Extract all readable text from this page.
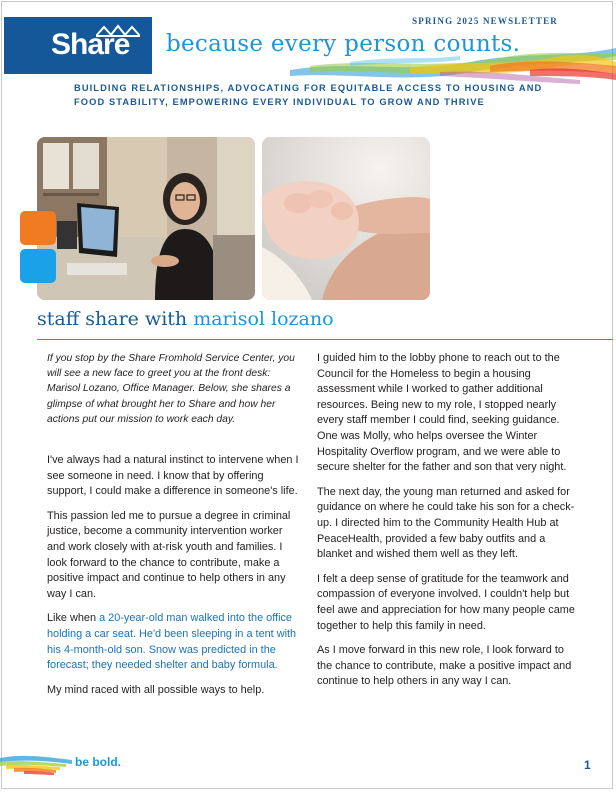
Share
SPRING 2025 NEWSLETTER
because every person counts.
BUILDING RELATIONSHIPS, ADVOCATING FOR EQUITABLE ACCESS TO HOUSING AND FOOD STABILITY, EMPOWERING EVERY INDIVIDUAL TO GROW AND THRIVE
staff share with marisol lozano

If you stop by the Share Fromhold Service Center, you will see a new face to greet you at the front desk: Marisol Lozano, Office Manager. Below, she shares a glimpse of what brought her to Share and how her actions put our mission to work each day.

I've always had a natural instinct to intervene when I see someone in need. I know that by offering support, I could make a difference in someone's life.

This passion led me to pursue a degree in criminal justice, become a community intervention worker and work closely with at-risk youth and families. I look forward to the chance to contribute, make a positive impact and continue to help others in any way I can.

Like when a 20-year-old man walked into the office holding a car seat. He'd been sleeping in a tent with his 4-month-old son. Snow was predicted in the forecast; they needed shelter and baby formula.

My mind raced with all possible ways to help.

I guided him to the lobby phone to reach out to the Council for the Homeless to begin a housing assessment while I worked to gather additional resources. Being new to my role, I stopped nearly every staff member I could find, seeking guidance. One was Molly, who helps oversee the Winter Hospitality Overflow program, and we were able to secure shelter for the father and son that very night.

The next day, the young man returned and asked for guidance on where he could take his son for a check-up. I directed him to the Community Health Hub at PeaceHealth, provided a few baby outfits and a blanket and wished them well as they left.

I felt a deep sense of gratitude for the teamwork and compassion of everyone involved. I couldn't help but feel awe and appreciation for how many people came together to help this family in need.

As I move forward in this new role, I look forward to the chance to contribute, make a positive impact and continue to help others in any way I can.

be bold.	1
